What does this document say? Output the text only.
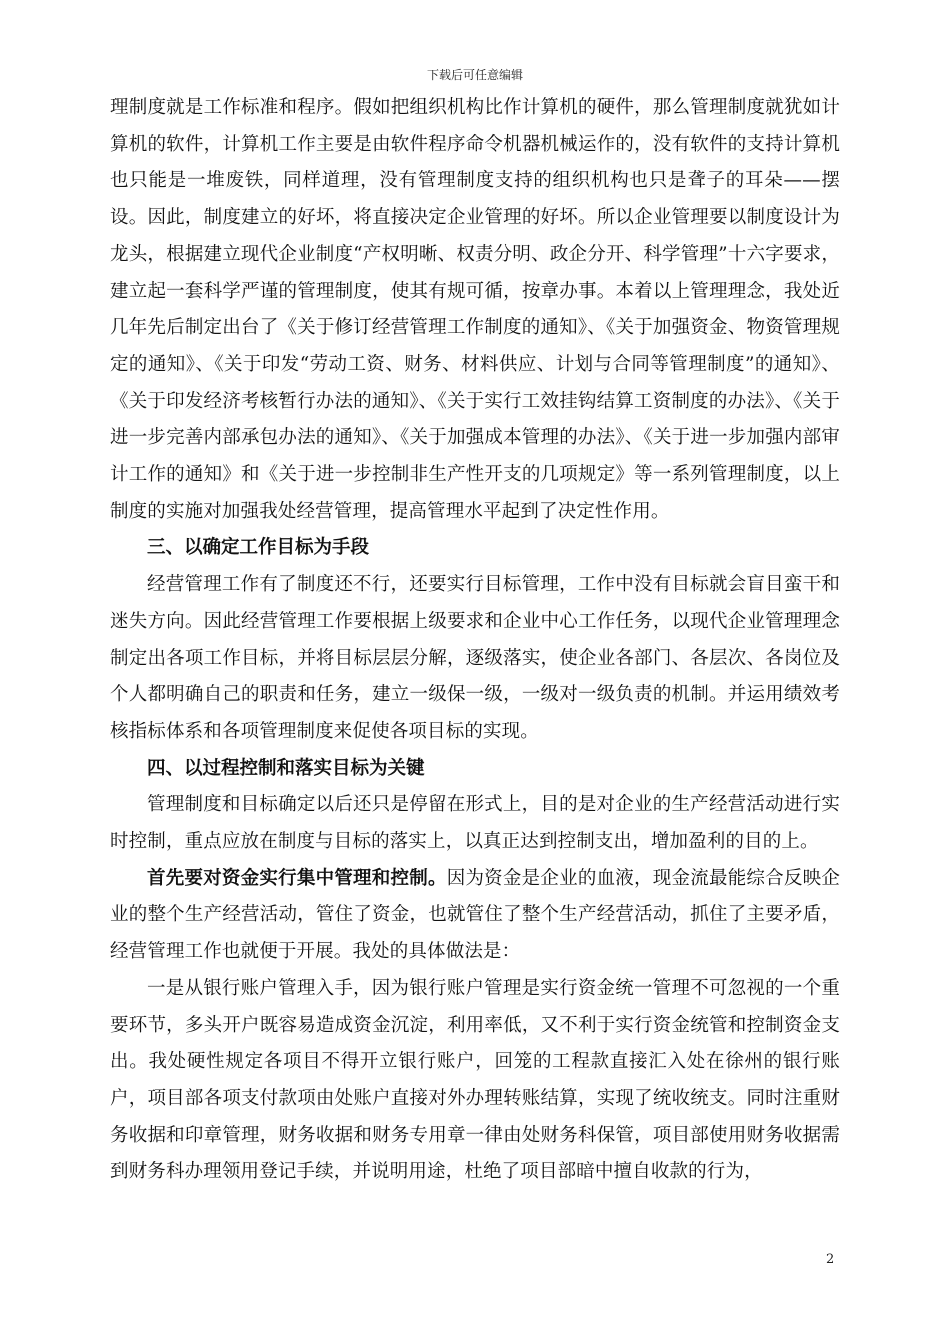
下载后可任意编辑

理制度就是工作标准和程序。假如把组织机构比作计算机的硬件，那么管理制度就犹如计算机的软件，计算机工作主要是由软件程序命令机器机械运作的，没有软件的支持计算机也只能是一堆废铁，同样道理，没有管理制度支持的组织机构也只是聋子的耳朵——摆设。因此，制度建立的好坏，将直接决定企业管理的好坏。所以企业管理要以制度设计为龙头，根据建立现代企业制度“产权明晰、权责分明、政企分开、科学管理”十六字要求，建立起一套科学严谨的管理制度，使其有规可循，按章办事。本着以上管理理念，我处近几年先后制定出台了《关于修订经营管理工作制度的通知》、《关于加强资金、物资管理规定的通知》、《关于印发“劳动工资、财务、材料供应、计划与合同等管理制度”的通知》、《关于印发经济考核暂行办法的通知》、《关于实行工效挂钩结算工资制度的办法》、《关于进一步完善内部承包办法的通知》、《关于加强成本管理的办法》、《关于进一步加强内部审计工作的通知》和《关于进一步控制非生产性开支的几项规定》等一系列管理制度，以上制度的实施对加强我处经营管理，提高管理水平起到了决定性作用。

三、以确定工作目标为手段

经营管理工作有了制度还不行，还要实行目标管理，工作中没有目标就会盲目蛮干和迷失方向。因此经营管理工作要根据上级要求和企业中心工作任务，以现代企业管理理念制定出各项工作目标，并将目标层层分解，逐级落实，使企业各部门、各层次、各岗位及个人都明确自己的职责和任务，建立一级保一级，一级对一级负责的机制。并运用绩效考核指标体系和各项管理制度来促使各项目标的实现。

四、以过程控制和落实目标为关键

管理制度和目标确定以后还只是停留在形式上，目的是对企业的生产经营活动进行实时控制，重点应放在制度与目标的落实上，以真正达到控制支出，增加盈利的目的上。

首先要对资金实行集中管理和控制。因为资金是企业的血液，现金流最能综合反映企业的整个生产经营活动，管住了资金，也就管住了整个生产经营活动，抓住了主要矛盾，经营管理工作也就便于开展。我处的具体做法是：

一是从银行账户管理入手，因为银行账户管理是实行资金统一管理不可忽视的一个重要环节，多头开户既容易造成资金沉淀，利用率低，又不利于实行资金统管和控制资金支出。我处硬性规定各项目不得开立银行账户，回笼的工程款直接汇入处在徐州的银行账户，项目部各项支付款项由处账户直接对外办理转账结算，实现了统收统支。同时注重财务收据和印章管理，财务收据和财务专用章一律由处财务科保管，项目部使用财务收据需到财务科办理领用登记手续，并说明用途，杜绝了项目部暗中擅自收款的行为，

2
